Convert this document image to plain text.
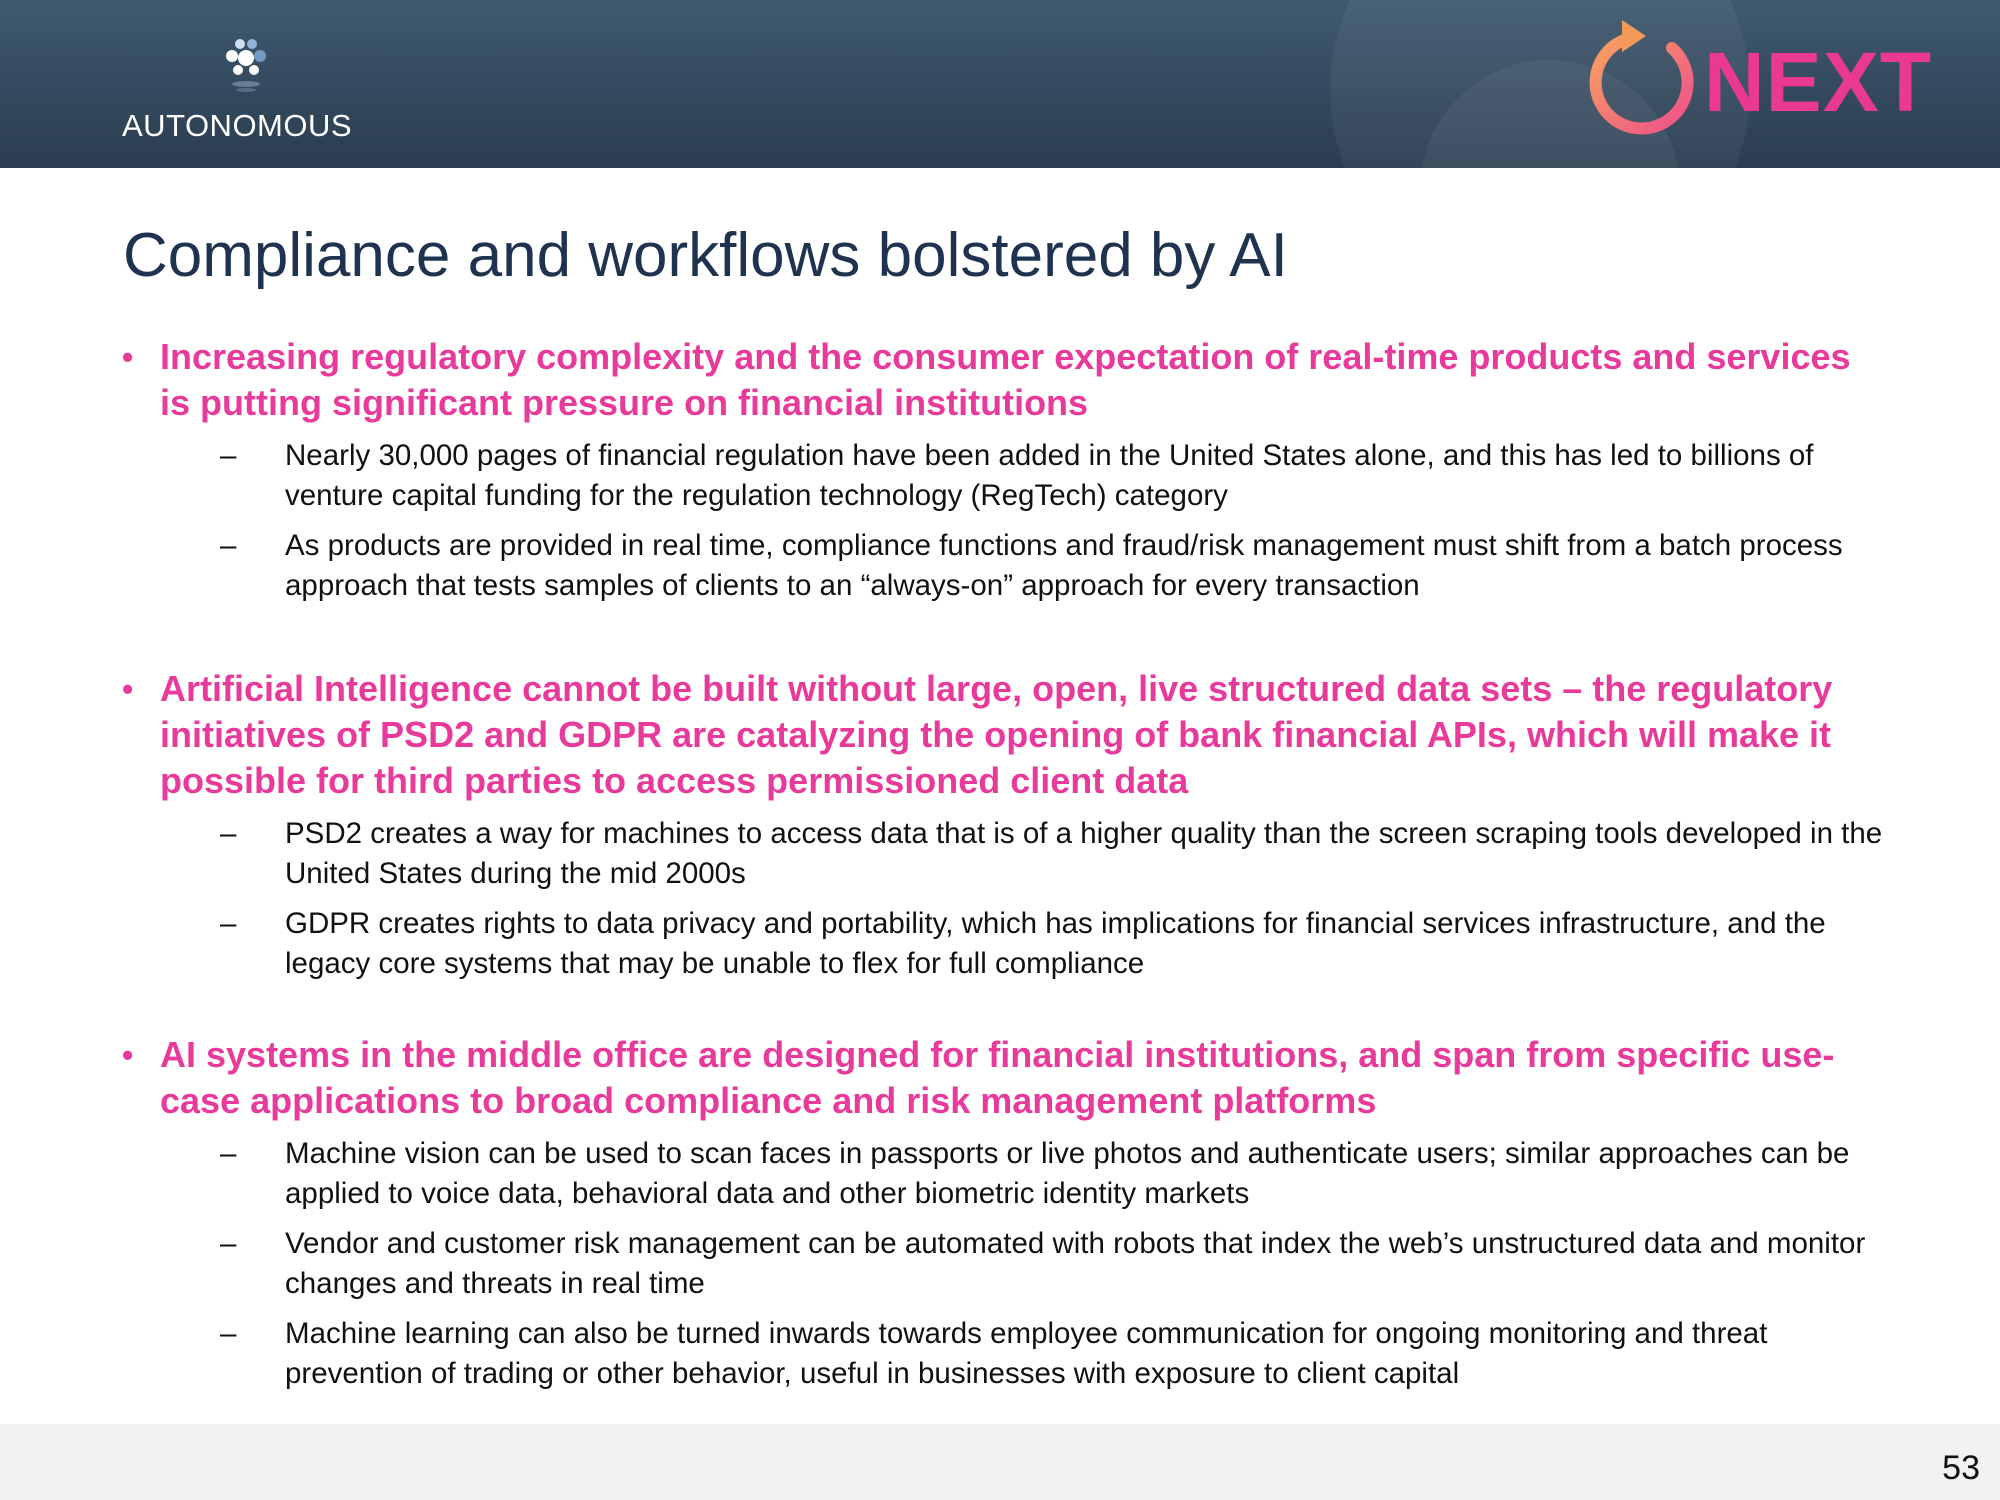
AUTONOMOUS	NEXT
Compliance and workflows bolstered by AI
• Increasing regulatory complexity and the consumer expectation of real-time products and services is putting significant pressure on financial institutions
– Nearly 30,000 pages of financial regulation have been added in the United States alone, and this has led to billions of venture capital funding for the regulation technology (RegTech) category
– As products are provided in real time, compliance functions and fraud/risk management must shift from a batch process approach that tests samples of clients to an “always-on” approach for every transaction
• Artificial Intelligence cannot be built without large, open, live structured data sets – the regulatory initiatives of PSD2 and GDPR are catalyzing the opening of bank financial APIs, which will make it possible for third parties to access permissioned client data
– PSD2 creates a way for machines to access data that is of a higher quality than the screen scraping tools developed in the United States during the mid 2000s
– GDPR creates rights to data privacy and portability, which has implications for financial services infrastructure, and the legacy core systems that may be unable to flex for full compliance
• AI systems in the middle office are designed for financial institutions, and span from specific use-case applications to broad compliance and risk management platforms
– Machine vision can be used to scan faces in passports or live photos and authenticate users; similar approaches can be applied to voice data, behavioral data and other biometric identity markets
– Vendor and customer risk management can be automated with robots that index the web’s unstructured data and monitor changes and threats in real time
– Machine learning can also be turned inwards towards employee communication for ongoing monitoring and threat prevention of trading or other behavior, useful in businesses with exposure to client capital
53
